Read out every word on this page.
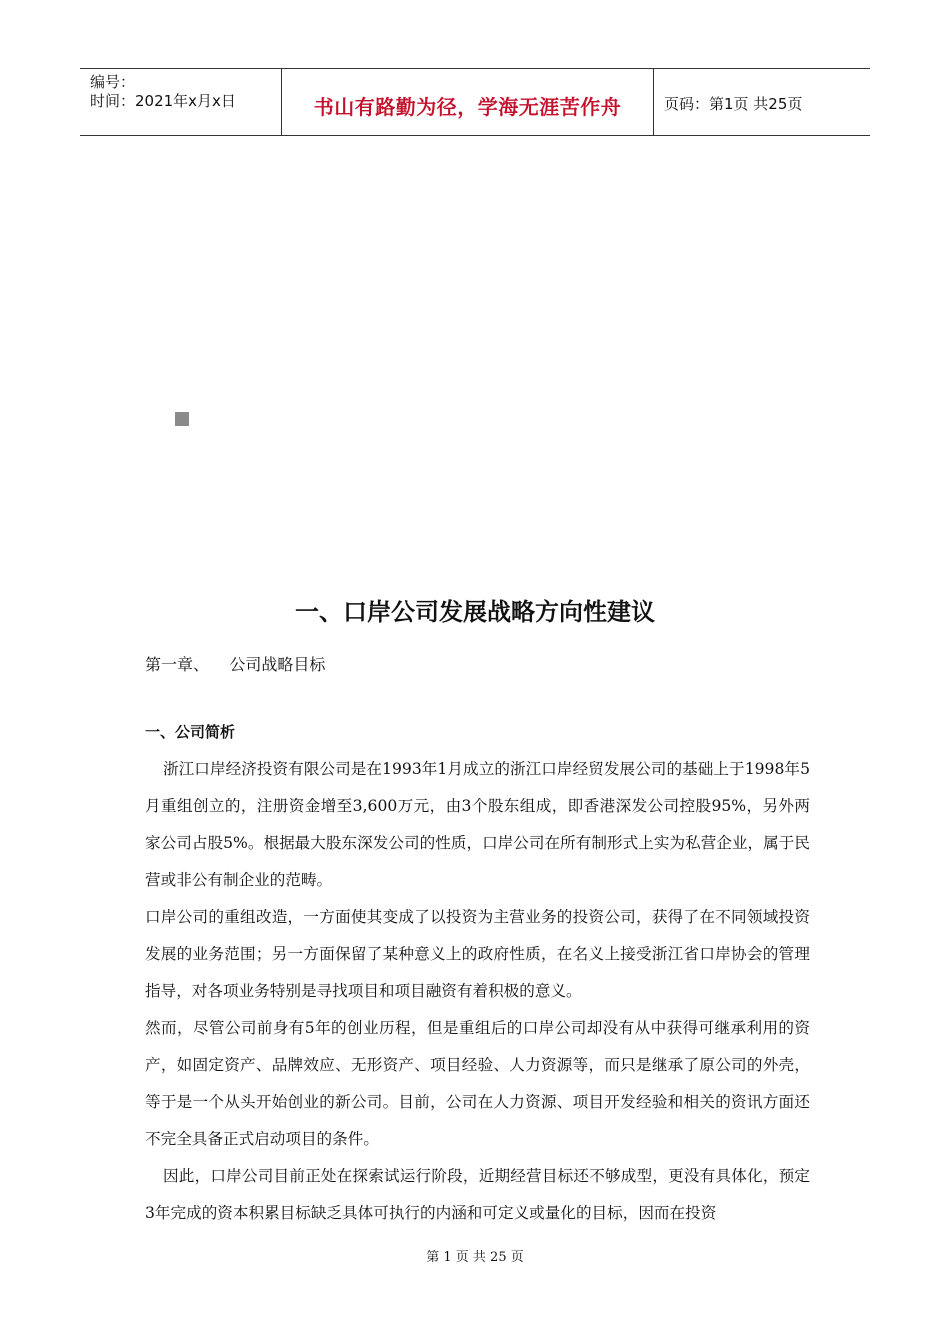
编号：
时间：2021年x月x日	书山有路勤为径，学海无涯苦作舟	页码：第1页 共25页
一、口岸公司发展战略方向性建议
第一章、    公司战略目标
一、公司简析

浙江口岸经济投资有限公司是在1993年1月成立的浙江口岸经贸发展公司的基础上于1998年5月重组创立的，注册资金增至3,600万元，由3个股东组成，即香港深发公司控股95%，另外两家公司占股5%。根据最大股东深发公司的性质，口岸公司在所有制形式上实为私营企业，属于民营或非公有制企业的范畴。

口岸公司的重组改造，一方面使其变成了以投资为主营业务的投资公司，获得了在不同领域投资发展的业务范围；另一方面保留了某种意义上的政府性质，在名义上接受浙江省口岸协会的管理指导，对各项业务特别是寻找项目和项目融资有着积极的意义。

然而，尽管公司前身有5年的创业历程，但是重组后的口岸公司却没有从中获得可继承利用的资产，如固定资产、品牌效应、无形资产、项目经验、人力资源等，而只是继承了原公司的外壳，等于是一个从头开始创业的新公司。目前，公司在人力资源、项目开发经验和相关的资讯方面还不完全具备正式启动项目的条件。

因此，口岸公司目前正处在探索试运行阶段，近期经营目标还不够成型，更没有具体化，预定3年完成的资本积累目标缺乏具体可执行的内涵和可定义或量化的目标，因而在投资

第 1 页 共 25 页
